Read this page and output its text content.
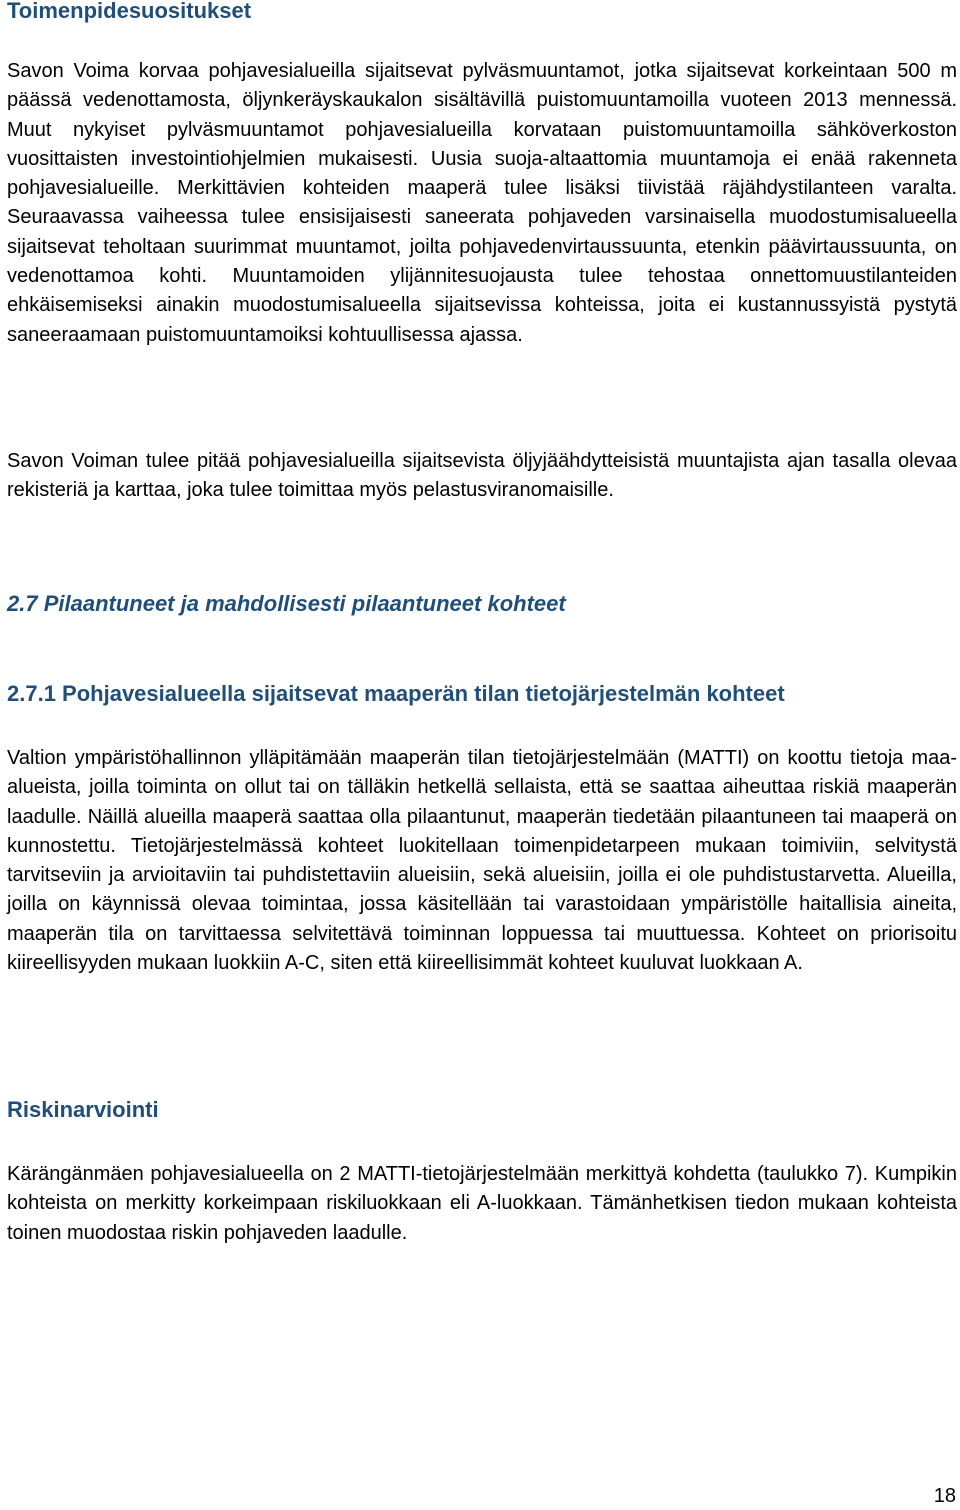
Toimenpidesuositukset

Savon Voima korvaa pohjavesialueilla sijaitsevat pylväsmuuntamot, jotka sijaitsevat korkeintaan 500 m päässä vedenottamosta, öljynkeräyskaukalon sisältävillä puistomuuntamoilla vuoteen 2013 mennessä. Muut nykyiset pylväsmuuntamot pohjavesialueilla korvataan puistomuuntamoilla sähköverkoston vuosittaisten investointiohjelmien mukaisesti. Uusia suoja-altaattomia muuntamoja ei enää rakenneta pohjavesialueille. Merkittävien kohteiden maaperä tulee lisäksi tiivistää räjähdystilanteen varalta. Seuraavassa vaiheessa tulee ensisijaisesti saneerata pohjaveden varsinaisella muodostumisalueella sijaitsevat teholtaan suurimmat muuntamot, joilta pohjavedenvirtaussuunta, etenkin päävirtaussuunta, on vedenottamoa kohti. Muuntamoiden ylijännitesuojausta tulee tehostaa onnettomuustilanteiden ehkäisemiseksi ainakin muodostumisalueella sijaitsevissa kohteissa, joita ei kustannussyistä pystytä saneeraamaan puistomuuntamoiksi kohtuullisessa ajassa.

Savon Voiman tulee pitää pohjavesialueilla sijaitsevista öljyjäähdytteisistä muuntajista ajan tasalla olevaa rekisteriä ja karttaa, joka tulee toimittaa myös pelastusviranomaisille.

2.7 Pilaantuneet ja mahdollisesti pilaantuneet kohteet
2.7.1 Pohjavesialueella sijaitsevat maaperän tilan tietojärjestelmän kohteet

Valtion ympäristöhallinnon ylläpitämään maaperän tilan tietojärjestelmään (MATTI) on koottu tietoja maa-alueista, joilla toiminta on ollut tai on tälläkin hetkellä sellaista, että se saattaa aiheuttaa riskiä maaperän laadulle. Näillä alueilla maaperä saattaa olla pilaantunut, maaperän tiedetään pilaantuneen tai maaperä on kunnostettu. Tietojärjestelmässä kohteet luokitellaan toimenpidetarpeen mukaan toimiviin, selvitystä tarvitseviin ja arvioitaviin tai puhdistettaviin alueisiin, sekä alueisiin, joilla ei ole puhdistustarvetta. Alueilla, joilla on käynnissä olevaa toimintaa, jossa käsitellään tai varastoidaan ympäristölle haitallisia aineita, maaperän tila on tarvittaessa selvitettävä toiminnan loppuessa tai muuttuessa. Kohteet on priorisoitu kiireellisyyden mukaan luokkiin A-C, siten että kiireellisimmät kohteet kuuluvat luokkaan A.

Riskinarviointi

Kärängänmäen pohjavesialueella on 2 MATTI-tietojärjestelmään merkittyä kohdetta (taulukko 7). Kumpikin kohteista on merkitty korkeimpaan riskiluokkaan eli A-luokkaan. Tämänhetkisen tiedon mukaan kohteista toinen muodostaa riskin pohjaveden laadulle.

18
